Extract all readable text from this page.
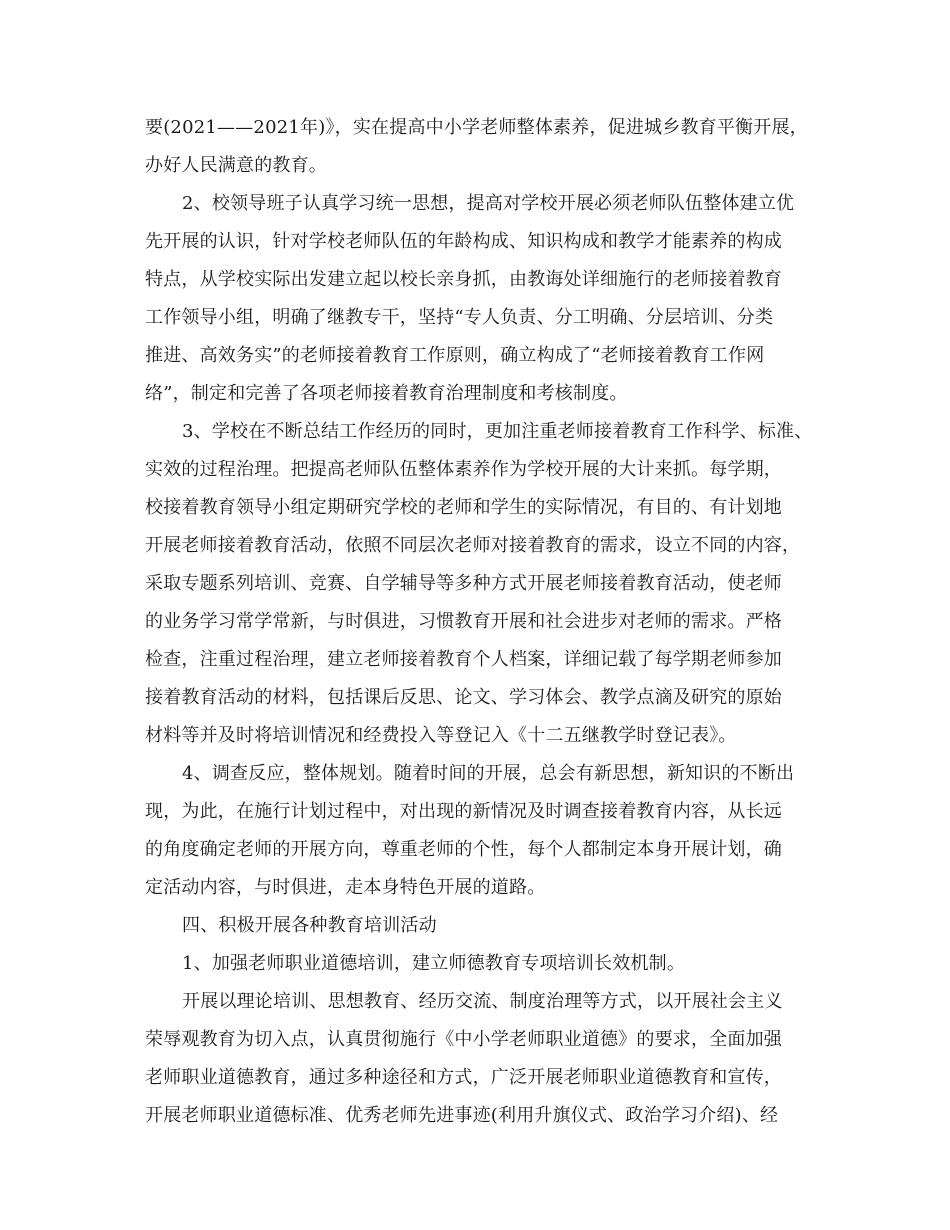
要(2021——2021年)》，实在提高中小学老师整体素养，促进城乡教育平衡开展，
办好人民满意的教育。
2、校领导班子认真学习统一思想，提高对学校开展必须老师队伍整体建立优
先开展的认识，针对学校老师队伍的年龄构成、知识构成和教学才能素养的构成
特点，从学校实际出发建立起以校长亲身抓，由教诲处详细施行的老师接着教育
工作领导小组，明确了继教专干，坚持“专人负责、分工明确、分层培训、分类
推进、高效务实”的老师接着教育工作原则，确立构成了“老师接着教育工作网
络”，制定和完善了各项老师接着教育治理制度和考核制度。
3、学校在不断总结工作经历的同时，更加注重老师接着教育工作科学、标准、
实效的过程治理。把提高老师队伍整体素养作为学校开展的大计来抓。每学期，
校接着教育领导小组定期研究学校的老师和学生的实际情况，有目的、有计划地
开展老师接着教育活动，依照不同层次老师对接着教育的需求，设立不同的内容，
采取专题系列培训、竞赛、自学辅导等多种方式开展老师接着教育活动，使老师
的业务学习常学常新，与时俱进，习惯教育开展和社会进步对老师的需求。严格
检查，注重过程治理，建立老师接着教育个人档案，详细记载了每学期老师参加
接着教育活动的材料，包括课后反思、论文、学习体会、教学点滴及研究的原始
材料等并及时将培训情况和经费投入等登记入《十二五继教学时登记表》。
4、调查反应，整体规划。随着时间的开展，总会有新思想，新知识的不断出
现，为此，在施行计划过程中，对出现的新情况及时调查接着教育内容，从长远
的角度确定老师的开展方向，尊重老师的个性，每个人都制定本身开展计划，确
定活动内容，与时俱进，走本身特色开展的道路。
四、积极开展各种教育培训活动
1、加强老师职业道德培训，建立师德教育专项培训长效机制。
开展以理论培训、思想教育、经历交流、制度治理等方式，以开展社会主义
荣辱观教育为切入点，认真贯彻施行《中小学老师职业道德》的要求，全面加强
老师职业道德教育，通过多种途径和方式，广泛开展老师职业道德教育和宣传，
开展老师职业道德标准、优秀老师先进事迹(利用升旗仪式、政治学习介绍)、经
